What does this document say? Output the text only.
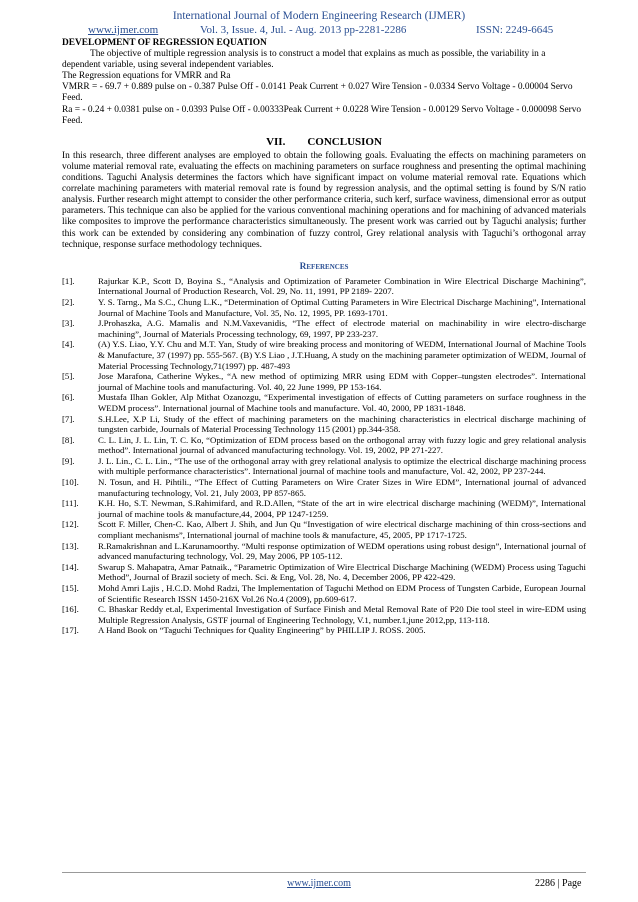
International Journal of Modern Engineering Research (IJMER)
www.ijmer.com	Vol. 3, Issue. 4, Jul. - Aug. 2013 pp-2281-2286	ISSN: 2249-6645
DEVELOPMENT OF REGRESSION EQUATION

The objective of multiple regression analysis is to construct a model that explains as much as possible, the variability in a dependent variable, using several independent variables.

The Regression equations for VMRR and Ra

VMRR = - 69.7 + 0.889 pulse on - 0.387 Pulse Off - 0.0141 Peak Current + 0.027 Wire Tension - 0.0334 Servo Voltage - 0.00004 Servo Feed.

Ra = - 0.24 + 0.0381 pulse on - 0.0393 Pulse Off - 0.00333Peak Current + 0.0228 Wire Tension - 0.00129 Servo Voltage - 0.000098 Servo Feed.

VII. CONCLUSION

In this research, three different analyses are employed to obtain the following goals. Evaluating the effects on machining parameters on volume material removal rate, evaluating the effects on machining parameters on surface roughness and presenting the optimal machining conditions. Taguchi Analysis determines the factors which have significant impact on volume material removal rate. Equations which correlate machining parameters with material removal rate is found by regression analysis, and the optimal setting is found by S/N ratio analysis. Further research might attempt to consider the other performance criteria, such kerf, surface waviness, dimensional error as output parameters. This technique can also be applied for the various conventional machining operations and for machining of advanced materials like composites to improve the performance characteristics simultaneously. The present work was carried out by Taguchi analysis; further this work can be extended by considering any combination of fuzzy control, Grey relational analysis with Taguchi’s orthogonal array technique, response surface methodology techniques.

References
[1].	Rajurkar K.P., Scott D, Boyina S., “Analysis and Optimization of Parameter Combination in Wire Electrical Discharge Machining”, International Journal of Production Research, Vol. 29, No. 11, 1991, PP 2189- 2207.
[2].	Y. S. Tarng., Ma S.C., Chung L.K., “Determination of Optimal Cutting Parameters in Wire Electrical Discharge Machining”, International Journal of Machine Tools and Manufacture, Vol. 35, No. 12, 1995, PP. 1693-1701.
[3].	J.Prohaszka, A.G. Mamalis and N.M.Vaxevanidis, “The effect of electrode material on machinability in wire electro-discharge machining”, Journal of Materials Processing technology, 69, 1997, PP 233-237.
[4].	(A) Y.S. Liao, Y.Y. Chu and M.T. Yan, Study of wire breaking process and monitoring of WEDM, International Journal of Machine Tools & Manufacture, 37 (1997) pp. 555-567. (B) Y.S Liao , J.T.Huang, A study on the machining parameter optimization of WEDM, Journal of Material Processing Technology,71(1997) pp. 487-493
[5].	Jose Marafona, Catherine Wykes., “A new method of optimizing MRR using EDM with Copper–tungsten electrodes”. International journal of Machine tools and manufacturing. Vol. 40, 22 June 1999, PP 153-164.
[6].	Mustafa Ilhan Gokler, Alp Mithat Ozanozgu, “Experimental investigation of effects of Cutting parameters on surface roughness in the WEDM process”. International journal of Machine tools and manufacture. Vol. 40, 2000, PP 1831-1848.
[7].	S.H.Lee, X.P Li, Study of the effect of machining parameters on the machining characteristics in electrical discharge machining of tungsten carbide, Journals of Material Processing Technology 115 (2001) pp.344-358.
[8].	C. L. Lin, J. L. Lin, T. C. Ko, “Optimization of EDM process based on the orthogonal array with fuzzy logic and grey relational analysis method”. International journal of advanced manufacturing technology. Vol. 19, 2002, PP 271-227.
[9].	J. L. Lin., C. L. Lin., “The use of the orthogonal array with grey relational analysis to optimize the electrical discharge machining process with multiple performance characteristics”. International journal of machine tools and manufacture, Vol. 42, 2002, PP 237-244.
[10].	N. Tosun, and H. Pihtili., “The Effect of Cutting Parameters on Wire Crater Sizes in Wire EDM”, International journal of advanced manufacturing technology, Vol. 21, July 2003, PP 857-865.
[11].	K.H. Ho, S.T. Newman, S.Rahimifard, and R.D.Allen, “State of the art in wire electrical discharge machining (WEDM)”, International journal of machine tools & manufacture,44, 2004, PP 1247-1259.
[12].	Scott F. Miller, Chen-C. Kao, Albert J. Shih, and Jun Qu “Investigation of wire electrical discharge machining of thin cross-sections and compliant mechanisms”, International journal of machine tools & manufacture, 45, 2005, PP 1717-1725.
[13].	R.Ramakrishnan and L.Karunamoorthy. “Multi response optimization of WEDM operations using robust design”, International journal of advanced manufacturing technology, Vol. 29, May 2006, PP 105-112.
[14].	Swarup S. Mahapatra, Amar Patnaik., “Parametric Optimization of Wire Electrical Discharge Machining (WEDM) Process using Taguchi Method”, Journal of Brazil society of mech. Sci. & Eng, Vol. 28, No. 4, December 2006, PP 422-429.
[15].	Mohd Amri Lajis , H.C.D. Mohd Radzi, The Implementation of Taguchi Method on EDM Process of Tungsten Carbide, European Journal of Scientific Research ISSN 1450-216X Vol.26 No.4 (2009), pp.609-617.
[16].	C. Bhaskar Reddy et.al, Experimental Investigation of Surface Finish and Metal Removal Rate of P20 Die tool steel in wire-EDM using Multiple Regression Analysis, GSTF journal of Engineering Technology, V.1, number.1,june 2012,pp, 113-118.
[17].	A Hand Book on “Taguchi Techniques for Quality Engineering” by PHILLIP J. ROSS. 2005.
www.ijmer.com	2286 | Page
